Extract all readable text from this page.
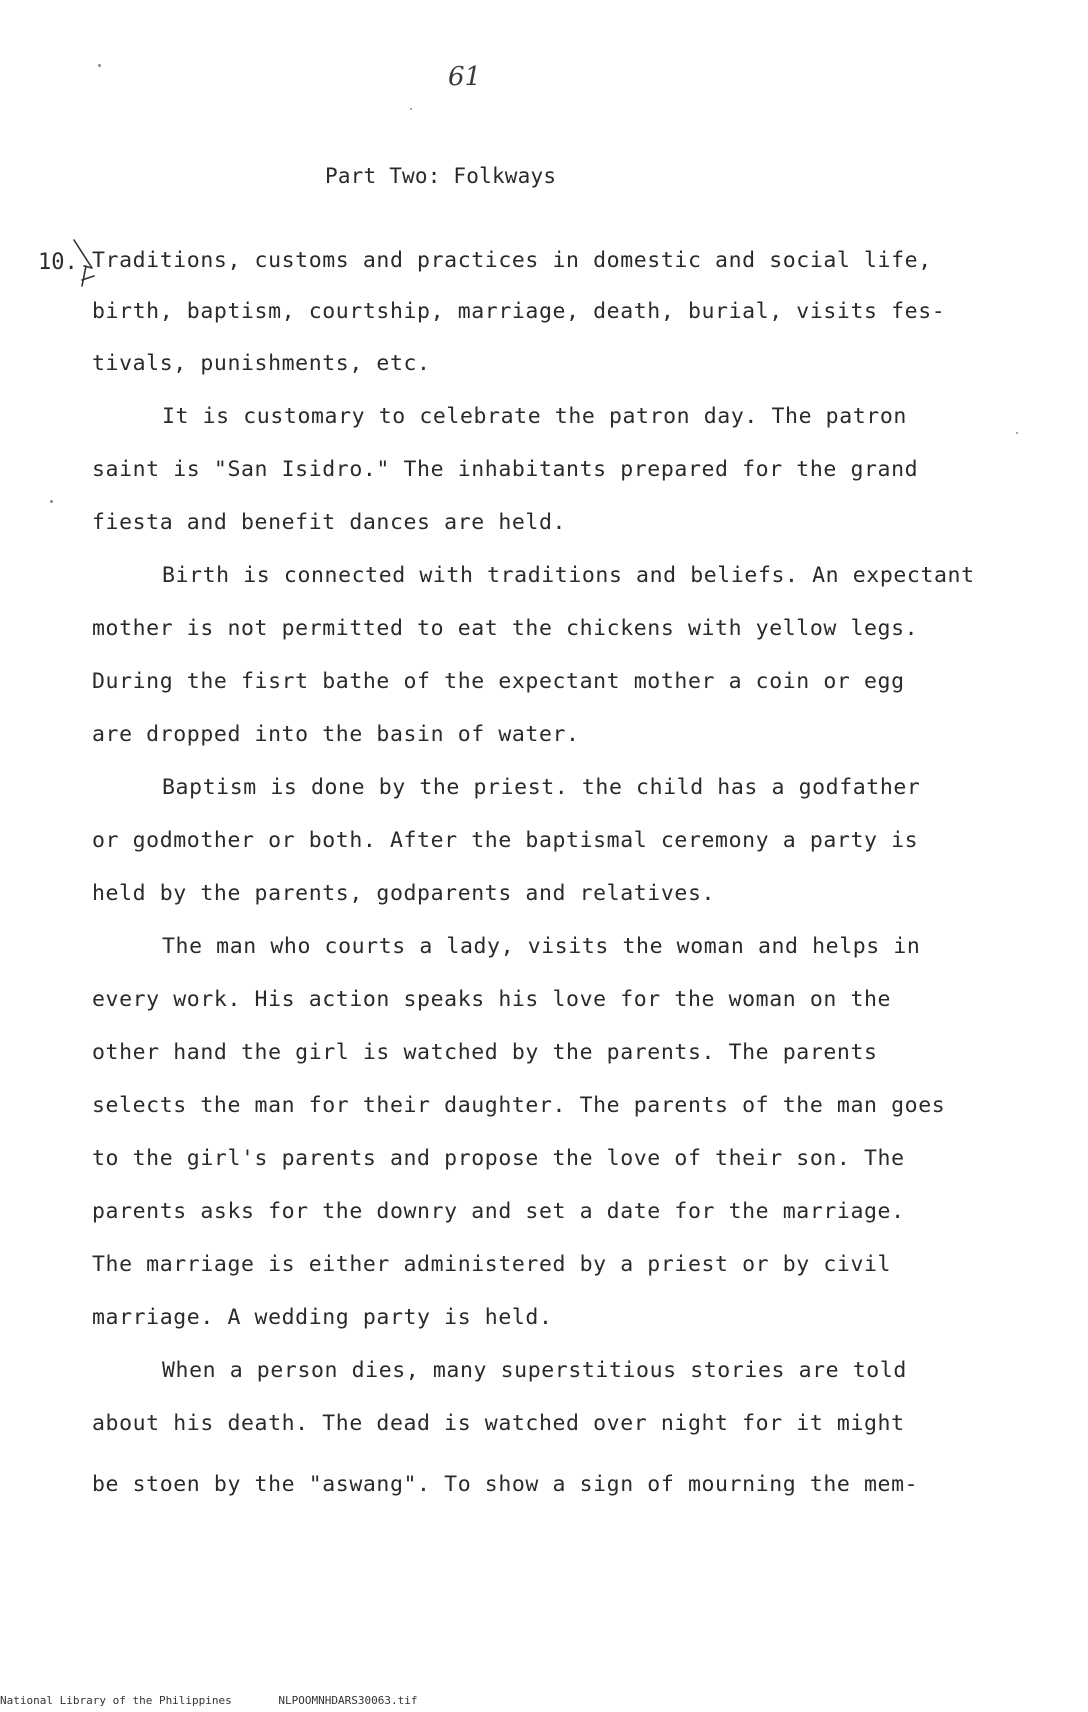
61
Part Two: Folkways
10. Traditions, customs and practices in domestic and social life,
birth, baptism, courtship, marriage, death, burial, visits fes-
tivals, punishments, etc.
It is customary to celebrate the patron day. The patron
saint is "San Isidro." The inhabitants prepared for the grand
fiesta and benefit dances are held.
Birth is connected with traditions and beliefs. An expectant
mother is not permitted to eat the chickens with yellow legs.
During the fisrt bathe of the expectant mother a coin or egg
are dropped into the basin of water.
Baptism is done by the priest. the child has a godfather
or godmother or both. After the baptismal ceremony a party is
held by the parents, godparents and relatives.
The man who courts a lady, visits the woman and helps in
every work. His action speaks his love for the woman on the
other hand the girl is watched by the parents. The parents
selects the man for their daughter. The parents of the man goes
to the girl's parents and propose the love of their son. The
parents asks for the downry and set a date for the marriage.
The marriage is either administered by a priest or by civil
marriage. A wedding party is held.
When a person dies, many superstitious stories are told
about his death. The dead is watched over night for it might
be stoen by the "aswang". To show a sign of mourning the mem-
National Library of the Philippines	NLPOOMNHDARS30063.tif
